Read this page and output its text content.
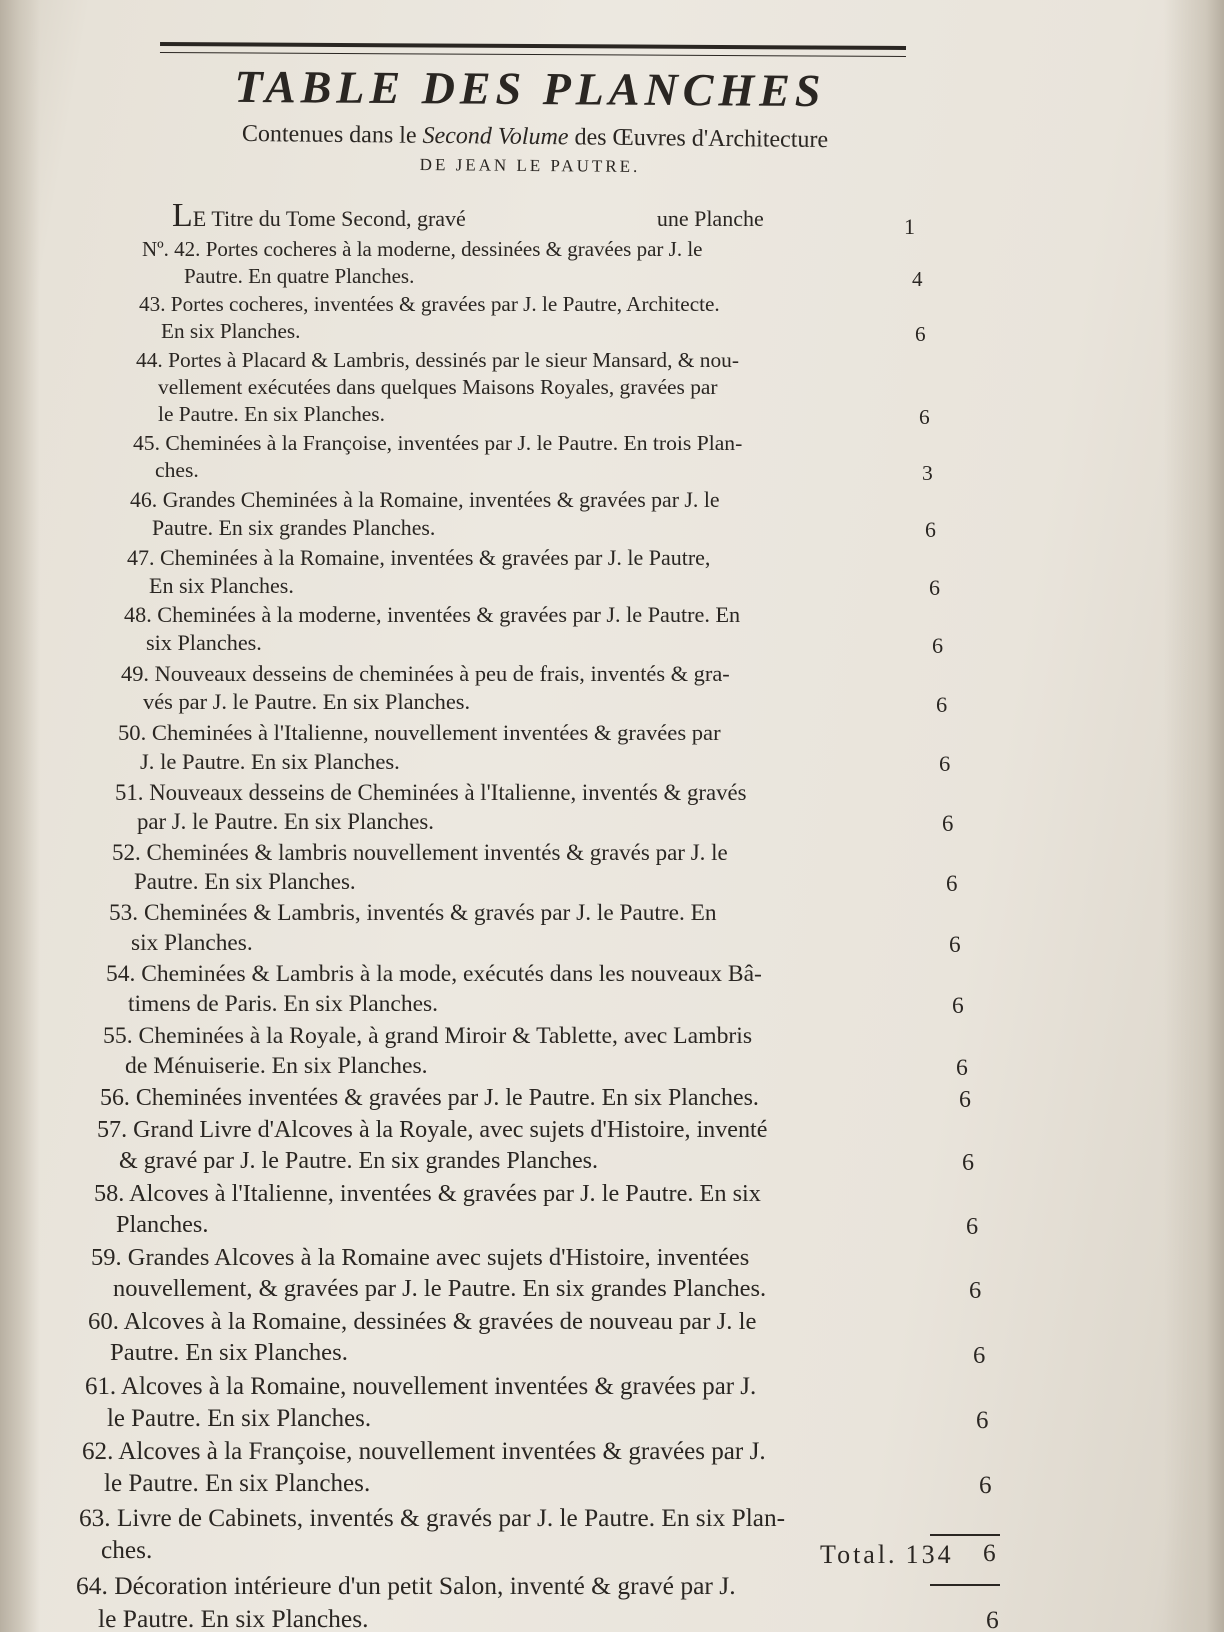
TABLE DES PLANCHES
Contenues dans le Second Volume des Œuvres d'Architecture
DE JEAN LE PAUTRE.
LE Titre du Tome Second, gravé	une Planche	1
Nº. 42. Portes cocheres à la moderne, dessinées & gravées par J. le
Pautre. En quatre Planches.	4
43. Portes cocheres, inventées & gravées par J. le Pautre, Architecte.
En six Planches.	6
44. Portes à Placard & Lambris, dessinés par le sieur Mansard, & nou-
vellement exécutées dans quelques Maisons Royales, gravées par
le Pautre. En six Planches.	6
45. Cheminées à la Françoise, inventées par J. le Pautre. En trois Plan-
ches.	3
46. Grandes Cheminées à la Romaine, inventées & gravées par J. le
Pautre. En six grandes Planches.	6
47. Cheminées à la Romaine, inventées & gravées par J. le Pautre,
En six Planches.	6
48. Cheminées à la moderne, inventées & gravées par J. le Pautre. En
six Planches.	6
49. Nouveaux desseins de cheminées à peu de frais, inventés & gra-
vés par J. le Pautre. En six Planches.	6
50. Cheminées à l'Italienne, nouvellement inventées & gravées par
J. le Pautre. En six Planches.	6
51. Nouveaux desseins de Cheminées à l'Italienne, inventés & gravés
par J. le Pautre. En six Planches.	6
52. Cheminées & lambris nouvellement inventés & gravés par J. le
Pautre. En six Planches.	6
53. Cheminées & Lambris, inventés & gravés par J. le Pautre. En
six Planches.	6
54. Cheminées & Lambris à la mode, exécutés dans les nouveaux Bâ-
timens de Paris. En six Planches.	6
55. Cheminées à la Royale, à grand Miroir & Tablette, avec Lambris
de Ménuiserie. En six Planches.	6
56. Cheminées inventées & gravées par J. le Pautre. En six Planches.	6
57. Grand Livre d'Alcoves à la Royale, avec sujets d'Histoire, inventé
& gravé par J. le Pautre. En six grandes Planches.	6
58. Alcoves à l'Italienne, inventées & gravées par J. le Pautre. En six
Planches.	6
59. Grandes Alcoves à la Romaine avec sujets d'Histoire, inventées
nouvellement, & gravées par J. le Pautre. En six grandes Planches.	6
60. Alcoves à la Romaine, dessinées & gravées de nouveau par J. le
Pautre. En six Planches.	6
61. Alcoves à la Romaine, nouvellement inventées & gravées par J.
le Pautre. En six Planches.	6
62. Alcoves à la Françoise, nouvellement inventées & gravées par J.
le Pautre. En six Planches.	6
63. Livre de Cabinets, inventés & gravés par J. le Pautre. En six Plan-
ches.	6
64. Décoration intérieure d'un petit Salon, inventé & gravé par J.
le Pautre. En six Planches.	6
Total. 134
